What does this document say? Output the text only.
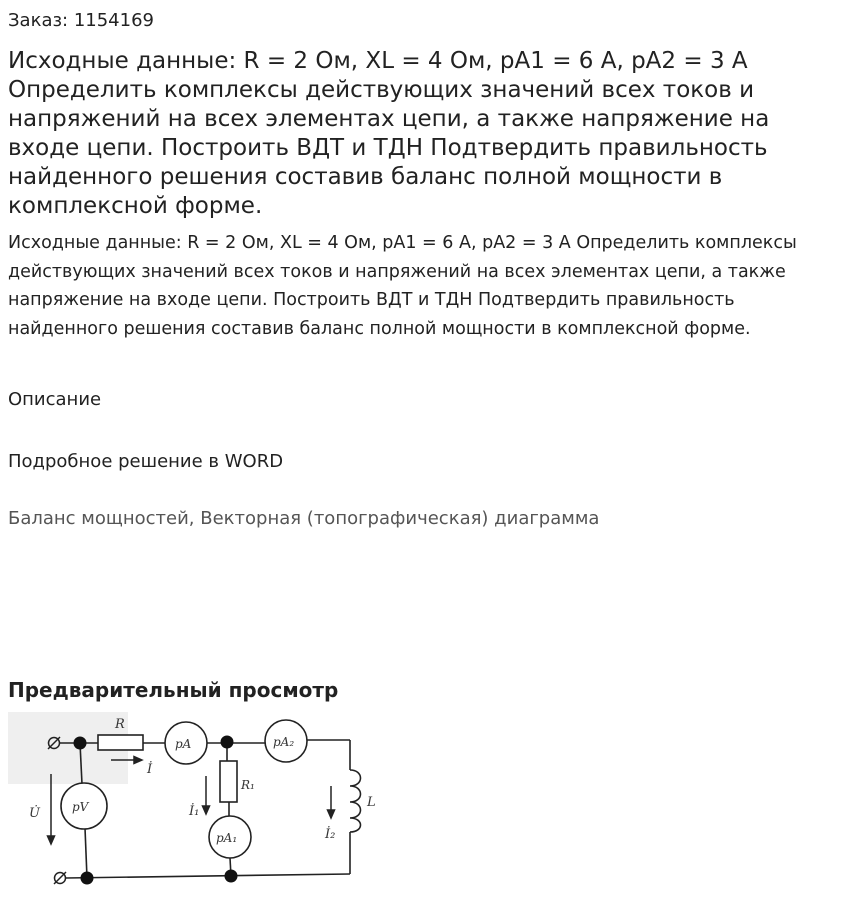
Заказ: 1154169
Исходные данные: R = 2 Ом, XL = 4 Ом, pA1 = 6 А, pA2 = 3 А Определить комплексы действующих значений всех токов и напряжений на всех элементах цепи, а также напряжение на входе цепи. Построить ВДТ и ТДН Подтвердить правильность найденного решения составив баланс полной мощности в комплексной форме.

Исходные данные: R = 2 Ом, XL = 4 Ом, pA1 = 6 А, pA2 = 3 А Определить комплексы действующих значений всех токов и напряжений на всех элементах цепи, а также напряжение на входе цепи. Построить ВДТ и ТДН Подтвердить правильность найденного решения составив баланс полной мощности в комплексной форме.

Описание
Подробное решение в WORD
Баланс мощностей, Векторная (топографическая) диаграмма
Предварительный просмотр
R
pA	pA₂
R₁
pA₁
pV	L
İ
İ₁
İ₂
U̇
